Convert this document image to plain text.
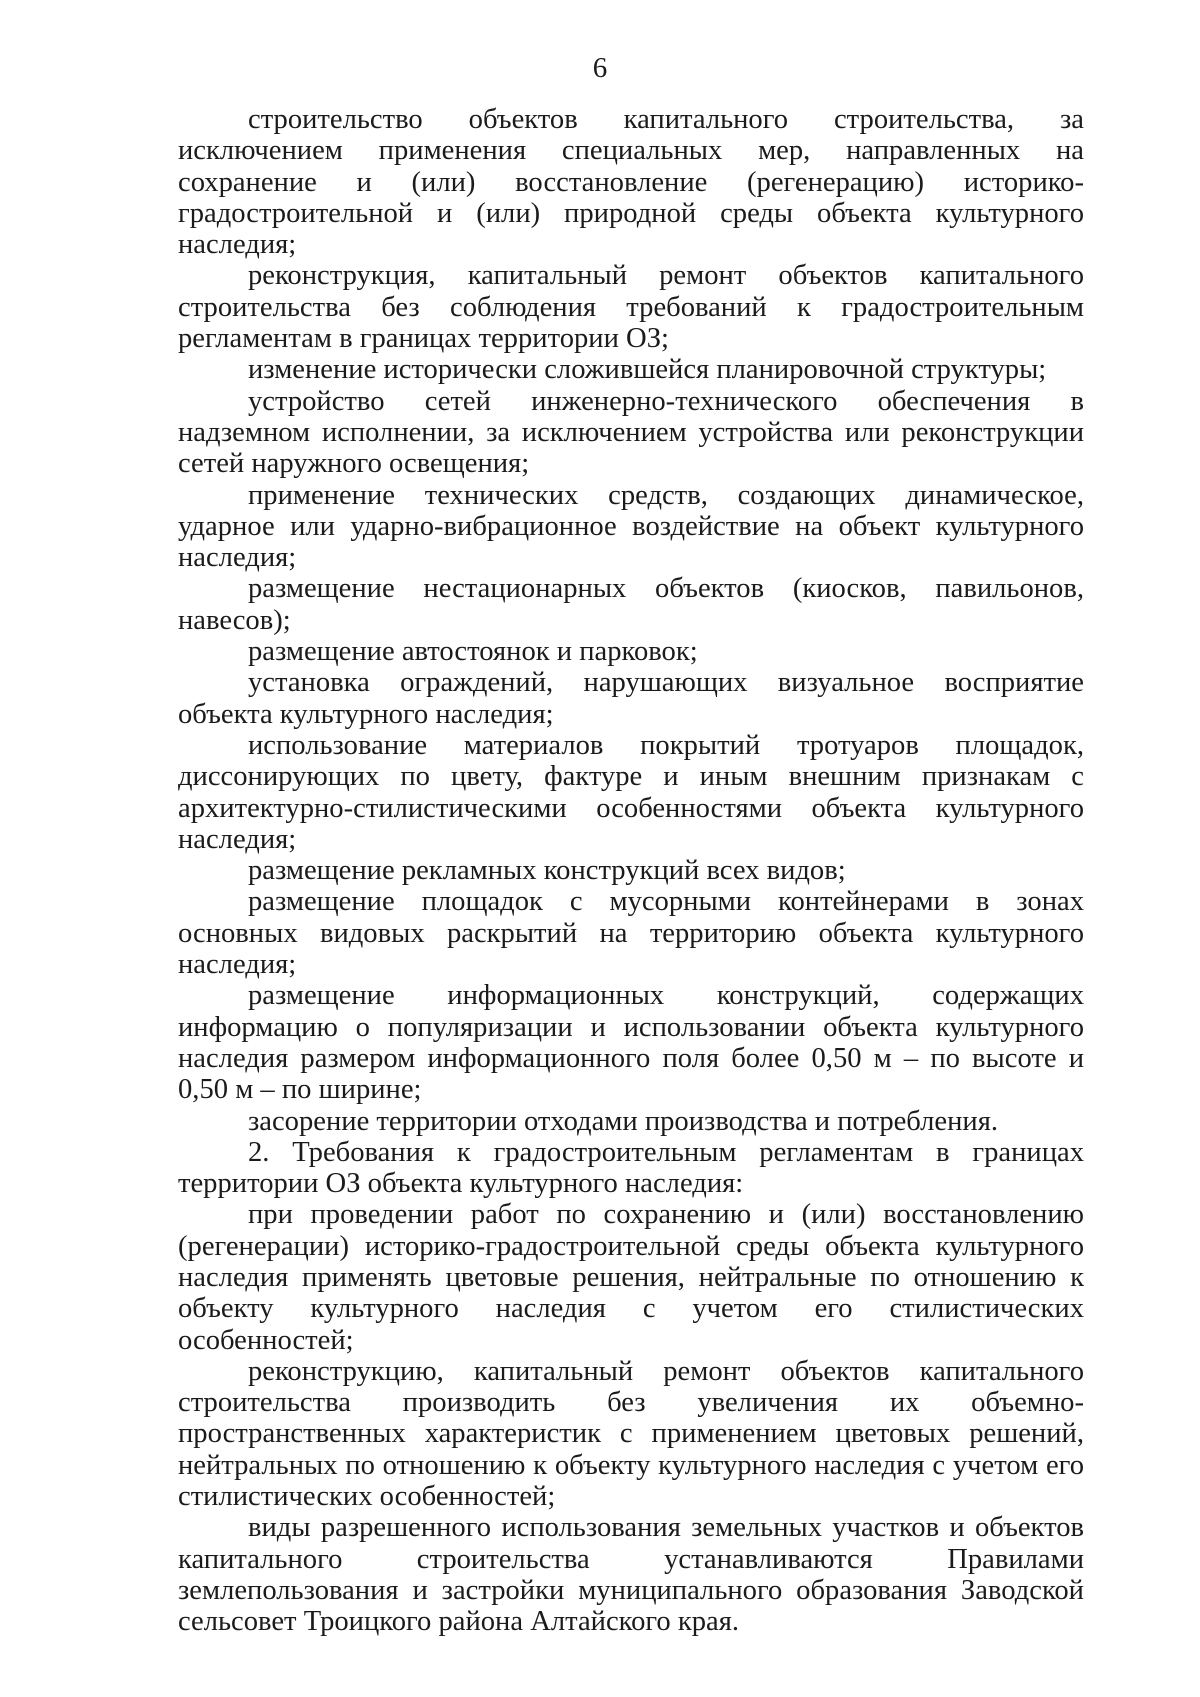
6

строительство объектов капитального строительства, за исключением применения специальных мер, направленных на сохранение и (или) восстановление (регенерацию) историко-градостроительной и (или) природной среды объекта культурного наследия;

реконструкция, капитальный ремонт объектов капитального строительства без соблюдения требований к градостроительным регламентам в границах территории ОЗ;

изменение исторически сложившейся планировочной структуры;

устройство сетей инженерно-технического обеспечения в надземном исполнении, за исключением устройства или реконструкции сетей наружного освещения;

применение технических средств, создающих динамическое, ударное или ударно-вибрационное воздействие на объект культурного наследия;

размещение нестационарных объектов (киосков, павильонов, навесов);

размещение автостоянок и парковок;

установка ограждений, нарушающих визуальное восприятие объекта культурного наследия;

использование материалов покрытий тротуаров площадок, диссонирующих по цвету, фактуре и иным внешним признакам с архитектурно-стилистическими особенностями объекта культурного наследия;

размещение рекламных конструкций всех видов;

размещение площадок с мусорными контейнерами в зонах основных видовых раскрытий на территорию объекта культурного наследия;

размещение информационных конструкций, содержащих информацию о популяризации и использовании объекта культурного наследия размером информационного поля более 0,50 м – по высоте и 0,50 м – по ширине;

засорение территории отходами производства и потребления.

2. Требования к градостроительным регламентам в границах территории ОЗ объекта культурного наследия:

при проведении работ по сохранению и (или) восстановлению (регенерации) историко-градостроительной среды объекта культурного наследия применять цветовые решения, нейтральные по отношению к объекту культурного наследия с учетом его стилистических особенностей;

реконструкцию, капитальный ремонт объектов капитального строительства производить без увеличения их объемно-пространственных характеристик с применением цветовых решений, нейтральных по отношению к объекту культурного наследия с учетом его стилистических особенностей;

виды разрешенного использования земельных участков и объектов капитального строительства устанавливаются Правилами землепользования и застройки муниципального образования Заводской сельсовет Троицкого района Алтайского края.
